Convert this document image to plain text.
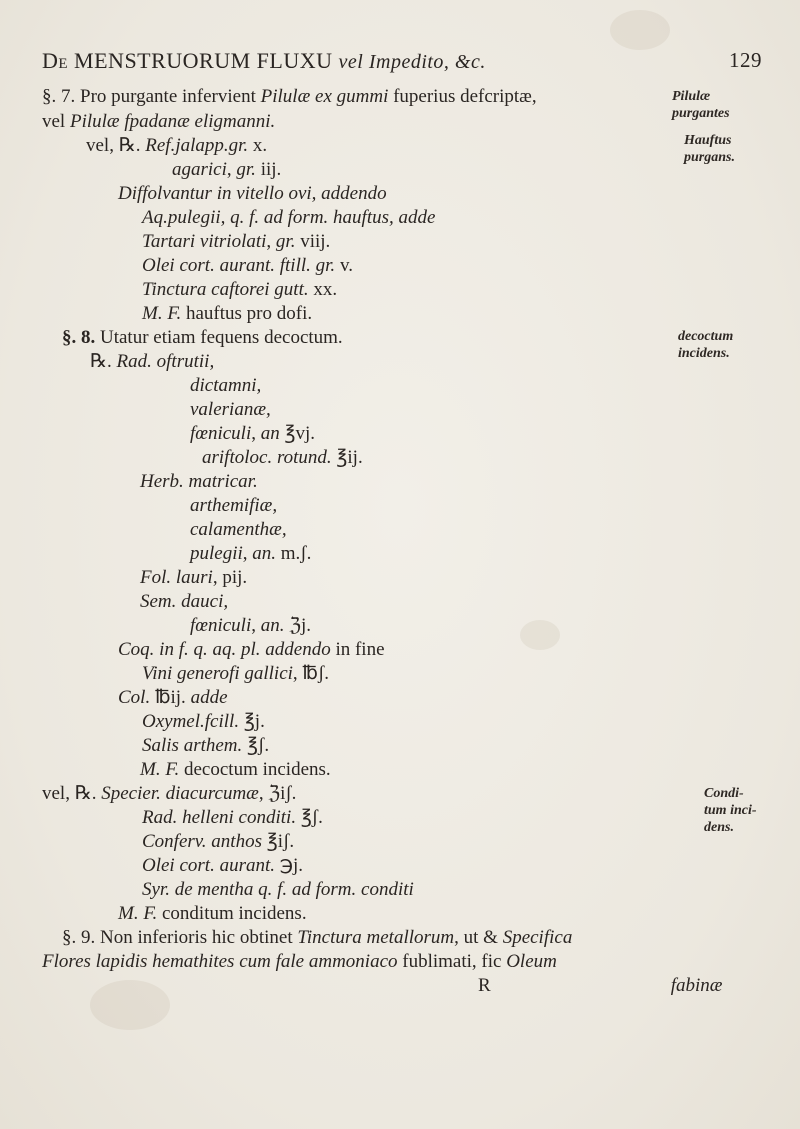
De MENSTRUORUM FLUXU vel Impedito, &c.	129
§. 7. Pro purgante infervient Pilulæ ex gummi fuperius defcriptæ,
vel Pilulæ fpadanæ eligmanni.
vel, ℞. Ref.jalapp.gr. x.
agarici, gr. iij.
Diffolvantur in vitello ovi, addendo
Aq.pulegii, q. f. ad form. hauftus, adde
Tartari vitriolati, gr. viij.
Olei cort. aurant. ftill. gr. v.
Tinctura caftorei gutt. xx.
M. F. hauftus pro dofi.
§. 8. Utatur etiam fequens decoctum.
℞. Rad. oftrutii,
dictamni,
valerianæ,
fœniculi, an ℥vj.
ariftoloc. rotund. ℥ij.
Herb. matricar.
arthemifiæ,
calamenthæ,
pulegii, an. m.ʃ.
Fol. lauri, pij.
Sem. dauci,
fœniculi, an. ℨj.
Coq. in f. q. aq. pl. addendo in fine
Vini generofi gallici, ℔ʃ.
Col. ℔ij. adde
Oxymel.fcill. ℥j.
Salis arthem. ℥ʃ.
M. F. decoctum incidens.
vel, ℞. Specier. diacurcumæ, ℨiʃ.
Rad. helleni conditi. ℥ʃ.
Conferv. anthos ℥iʃ.
Olei cort. aurant. ℈j.
Syr. de mentha q. f. ad form. conditi
M. F. conditum incidens.
§. 9. Non inferioris hic obtinet Tinctura metallorum, ut & Specifica
Flores lapidis hemathites cum fale ammoniaco fublimati, fic Oleum
R	fabinæ
Pilulæ
purgantes
Hauftus
purgans.
decoctum
incidens.
Condi-
tum inci-
dens.
